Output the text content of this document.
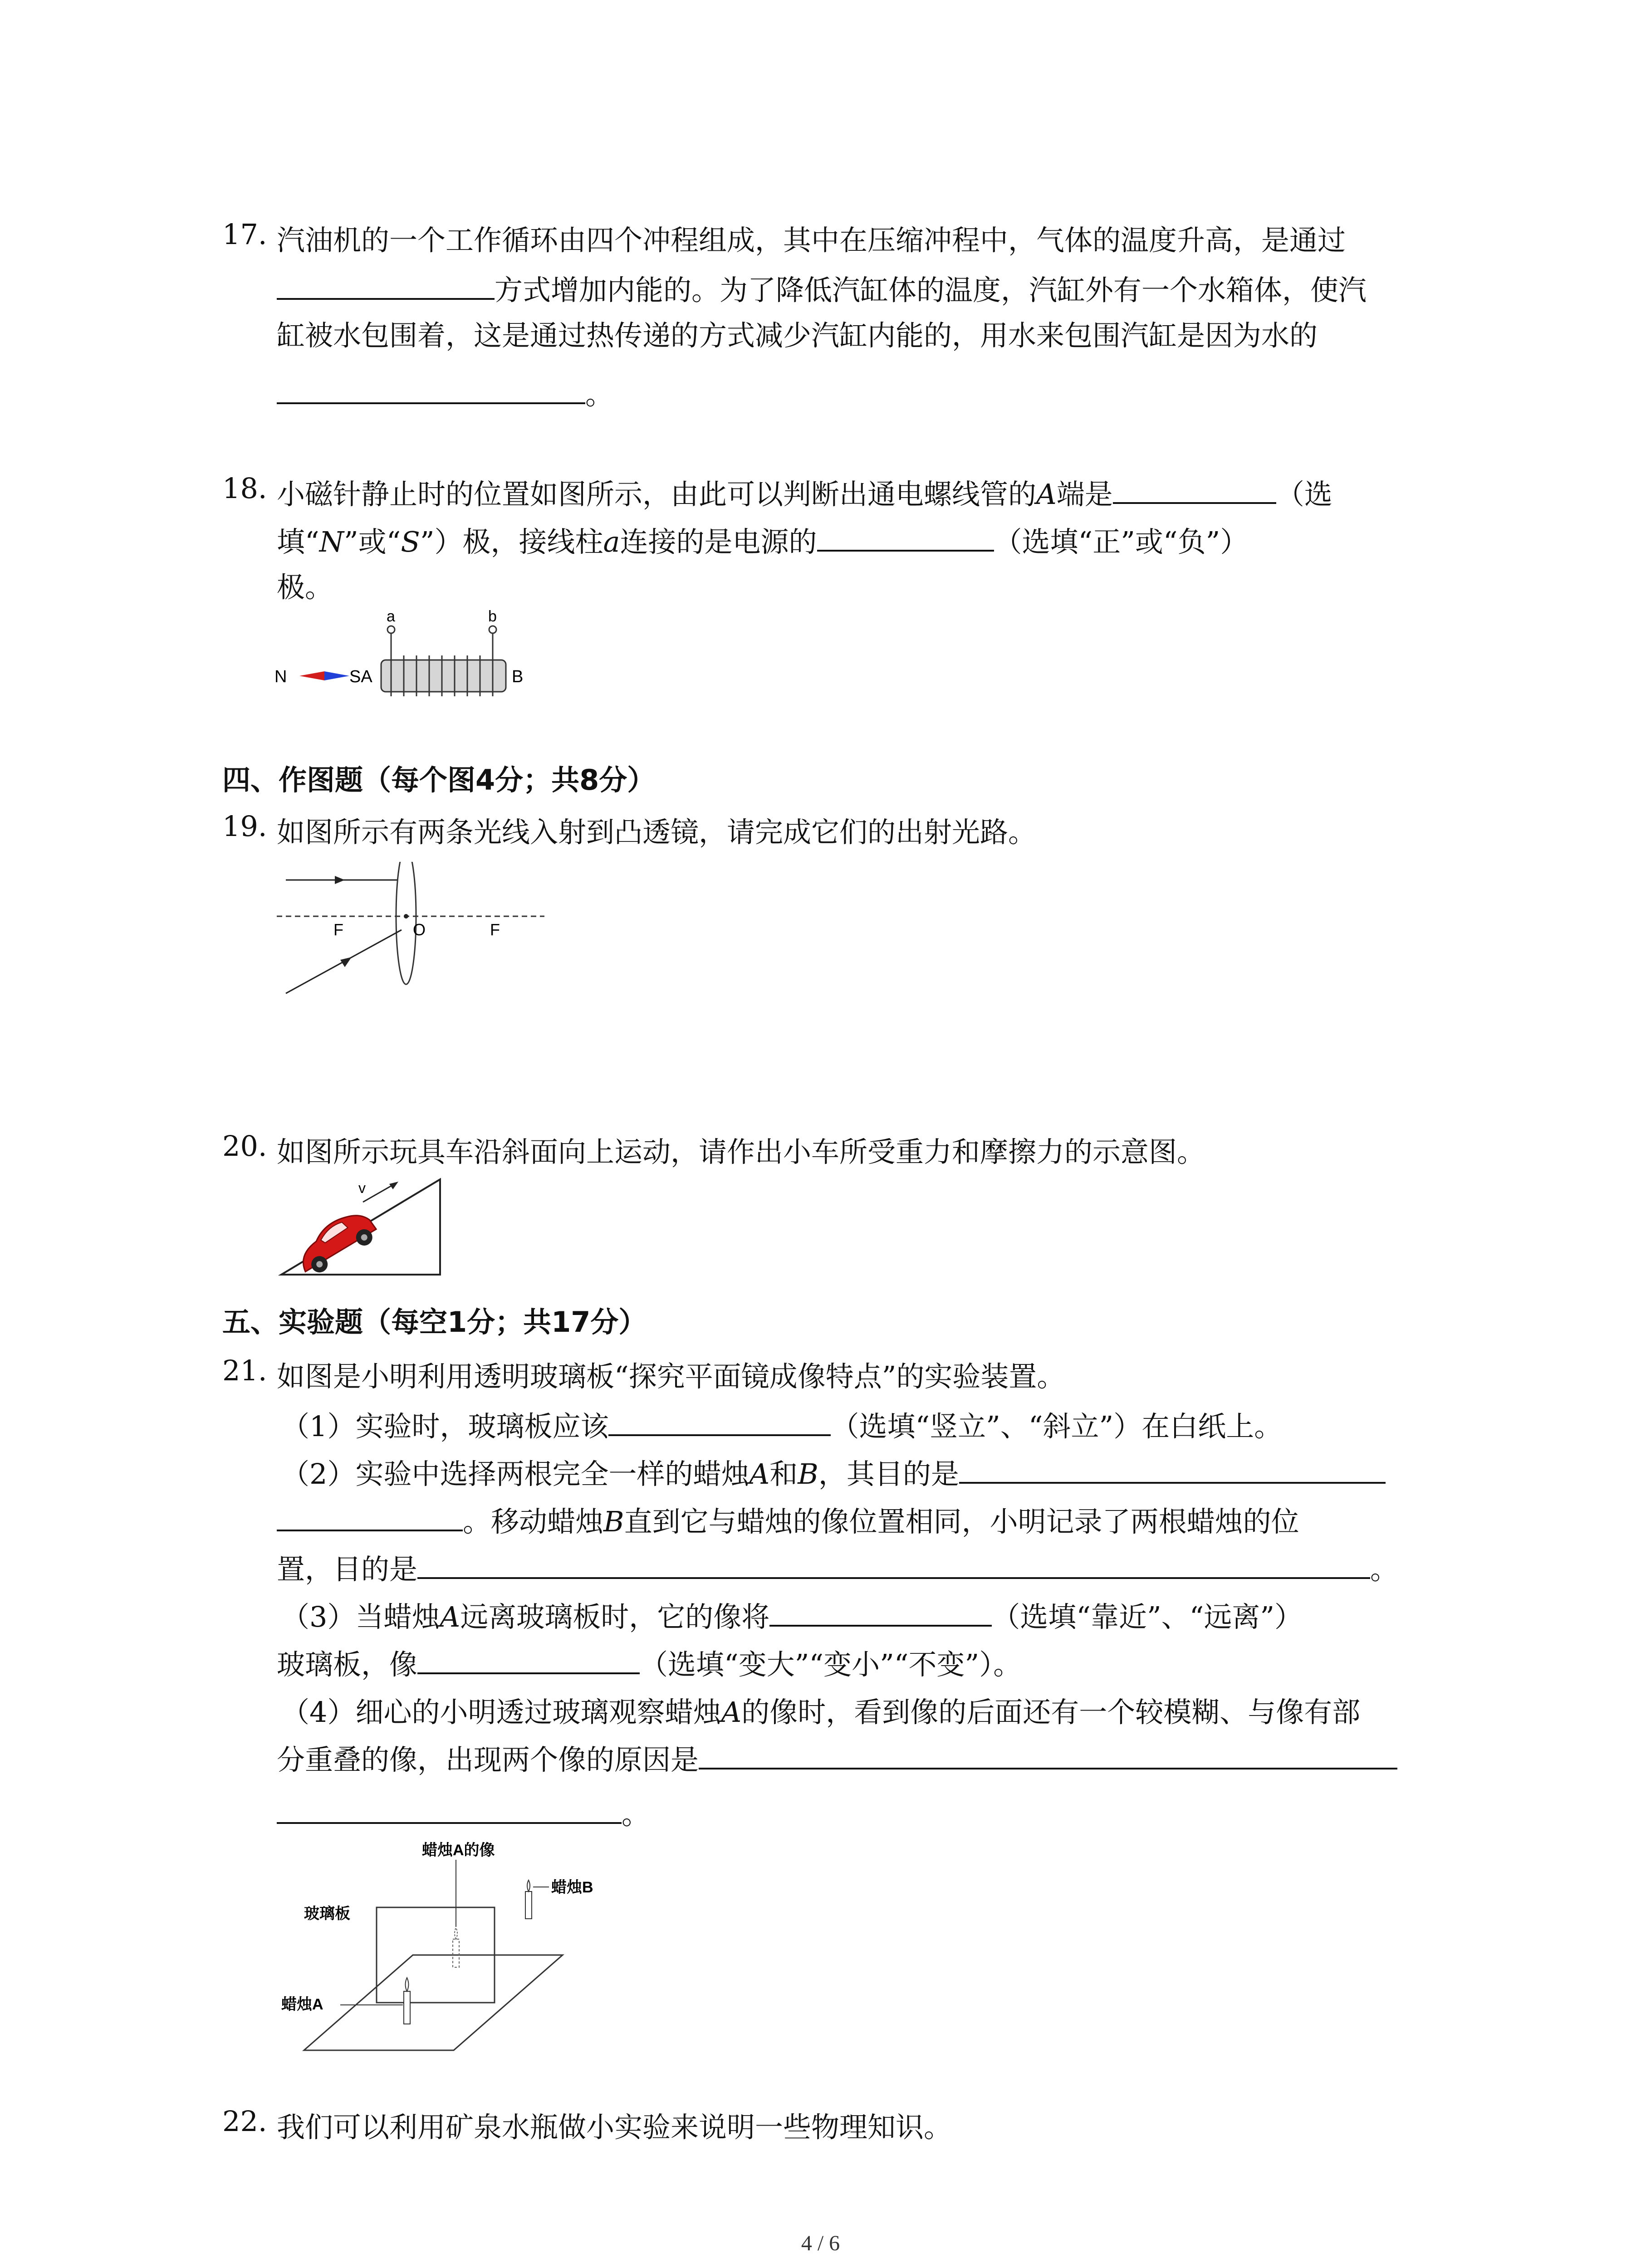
17. 汽油机的一个工作循环由四个冲程组成，其中在压缩冲程中，气体的温度升高，是通过
方式增加内能的。为了降低汽缸体的温度，汽缸外有一个水箱体，使汽
缸被水包围着，这是通过热传递的方式减少汽缸内能的，用水来包围汽缸是因为水的
。
18. 小磁针静止时的位置如图所示，由此可以判断出通电螺线管的A端是	（选
填“N”或“S”）极，接线柱a连接的是电源的	（选填“正”或“负”）
极。
N	SA
a	b
B
四、作图题（每个图4分；共8分）
19. 如图所示有两条光线入射到凸透镜，请完成它们的出射光路。
F	O	F
20. 如图所示玩具车沿斜面向上运动，请作出小车所受重力和摩擦力的示意图。
v
五、实验题（每空1分；共17分）
21. 如图是小明利用透明玻璃板“探究平面镜成像特点”的实验装置。
（1）实验时，玻璃板应该	（选填“竖立”、“斜立”）在白纸上。
（2）实验中选择两根完全一样的蜡烛A和B，其目的是
。移动蜡烛B直到它与蜡烛的像位置相同，小明记录了两根蜡烛的位
置，目的是	。
（3）当蜡烛A远离玻璃板时，它的像将	（选填“靠近”、“远离”）
玻璃板，像	（选填“变大”“变小”“不变”）。
（4）细心的小明透过玻璃观察蜡烛A的像时，看到像的后面还有一个较模糊、与像有部
分重叠的像，出现两个像的原因是
。
蜡烛A的像
蜡烛B
玻璃板
蜡烛A
22. 我们可以利用矿泉水瓶做小实验来说明一些物理知识。
4 / 6
